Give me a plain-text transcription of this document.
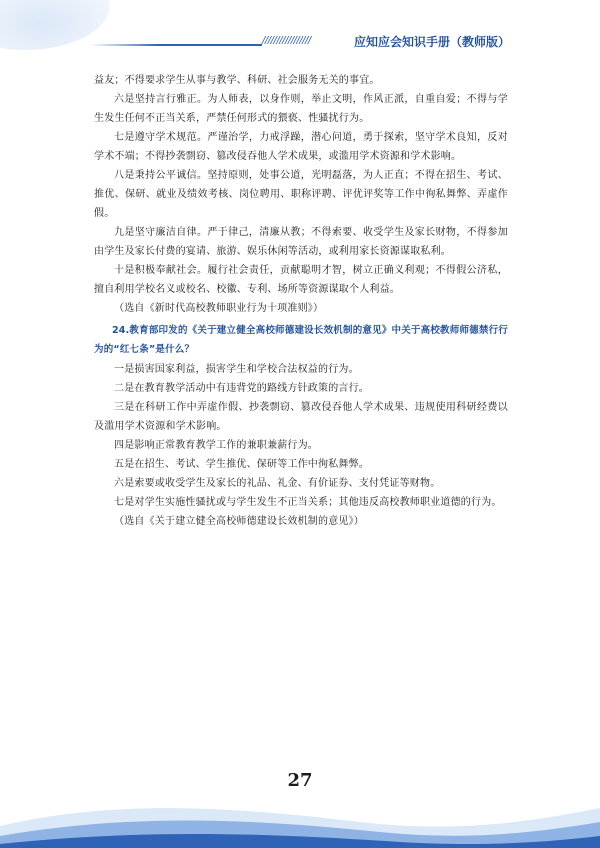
/////////////////	应知应会知识手册（教师版）

益友；不得要求学生从事与教学、科研、社会服务无关的事宜。

六是坚持言行雅正。为人师表，以身作则，举止文明，作风正派，自重自爱；不得与学生发生任何不正当关系，严禁任何形式的猥亵、性骚扰行为。

七是遵守学术规范。严谨治学，力戒浮躁，潜心问道，勇于探索，坚守学术良知，反对学术不端；不得抄袭剽窃、篡改侵吞他人学术成果，或滥用学术资源和学术影响。

八是秉持公平诚信。坚持原则，处事公道，光明磊落，为人正直；不得在招生、考试、推优、保研、就业及绩效考核、岗位聘用、职称评聘、评优评奖等工作中徇私舞弊、弄虚作假。

九是坚守廉洁自律。严于律己，清廉从教；不得索要、收受学生及家长财物，不得参加由学生及家长付费的宴请、旅游、娱乐休闲等活动，或利用家长资源谋取私利。

十是积极奉献社会。履行社会责任，贡献聪明才智，树立正确义利观；不得假公济私，擅自利用学校名义或校名、校徽、专利、场所等资源谋取个人利益。

（选自《新时代高校教师职业行为十项准则》）

24.教育部印发的《关于建立健全高校师德建设长效机制的意见》中关于高校教师师德禁行行为的“红七条”是什么？

一是损害国家利益，损害学生和学校合法权益的行为。

二是在教育教学活动中有违背党的路线方针政策的言行。

三是在科研工作中弄虚作假、抄袭剽窃、篡改侵吞他人学术成果、违规使用科研经费以及滥用学术资源和学术影响。

四是影响正常教育教学工作的兼职兼薪行为。

五是在招生、考试、学生推优、保研等工作中徇私舞弊。

六是索要或收受学生及家长的礼品、礼金、有价证券、支付凭证等财物。

七是对学生实施性骚扰或与学生发生不正当关系；其他违反高校教师职业道德的行为。

（选自《关于建立健全高校师德建设长效机制的意见》）

27
